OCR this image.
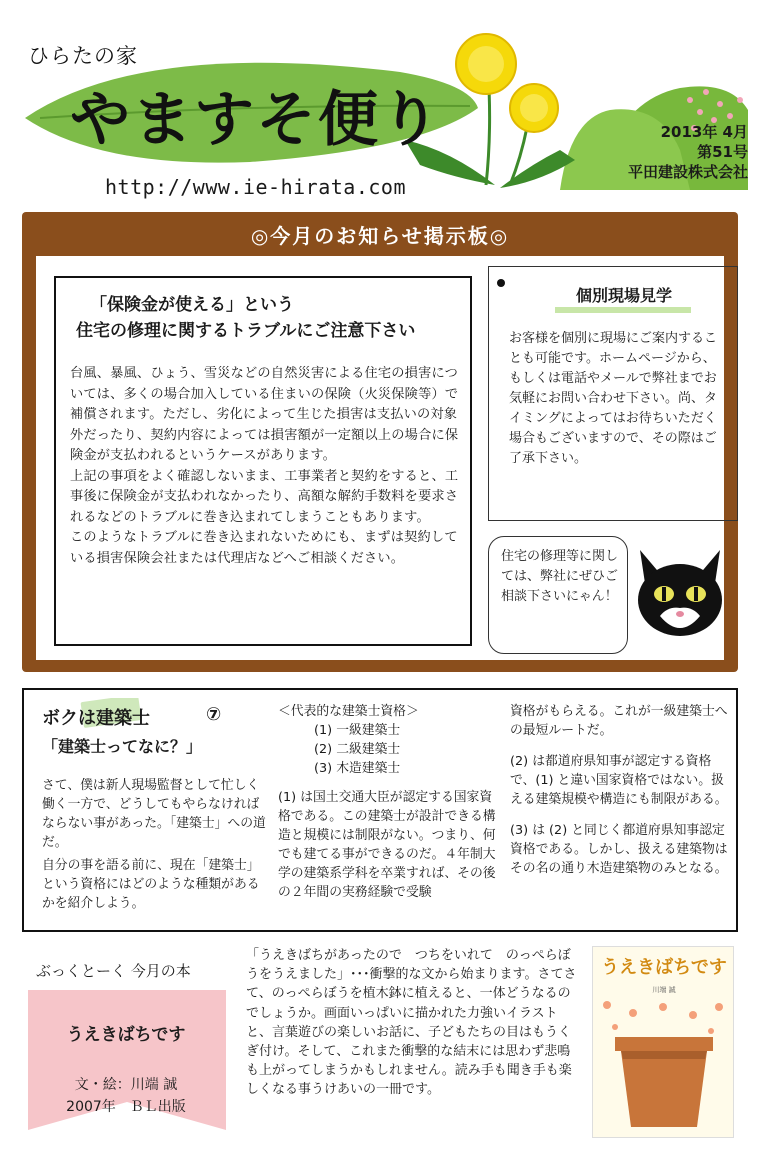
ひらたの家
やますそ便り
http://www.ie-hirata.com
2013年 4月
第51号
平田建設株式会社
◎今月のお知らせ掲示板◎
「保険金が使える」という
住宅の修理に関するトラブルにご注意下さい

台風、暴風、ひょう、雪災などの自然災害による住宅の損害については、多くの場合加入している住まいの保険（火災保険等）で補償されます。ただし、劣化によって生じた損害は支払いの対象外だったり、契約内容によっては損害額が一定額以上の場合に保険金が支払われるというケースがあります。

上記の事項をよく確認しないまま、工事業者と契約をすると、工事後に保険金が支払われなかったり、高額な解約手数料を要求されるなどのトラブルに巻き込まれてしまうこともあります。

このようなトラブルに巻き込まれないためにも、まずは契約している損害保険会社または代理店などへご相談ください。

個別現場見学
お客様を個別に現場にご案内することも可能です。ホームページから、もしくは電話やメールで弊社までお気軽にお問い合わせ下さい。尚、タイミングによってはお待ちいただく場合もございますので、その際はご了承下さい。
住宅の修理等に関しては、弊社にぜひご相談下さいにゃん！
ボクは建築士	⑦
「建築士ってなに？」

さて、僕は新人現場監督として忙しく働く一方で、どうしてもやらなければならない事があった。「建築士」への道だ。

自分の事を語る前に、現在「建築士」という資格にはどのような種類があるかを紹介しよう。

＜代表的な建築士資格＞
(1) 一級建築士
(2) 二級建築士
(3) 木造建築士
(1) は国土交通大臣が認定する国家資格である。この建築士が設計できる構造と規模には制限がない。つまり、何でも建てる事ができるのだ。４年制大学の建築系学科を卒業すれば、その後の２年間の実務経験で受験

資格がもらえる。これが一級建築士への最短ルートだ。

(2) は都道府県知事が認定する資格で、(1) と違い国家資格ではない。扱える建築規模や構造にも制限がある。

(3) は (2) と同じく都道府県知事認定資格である。しかし、扱える建築物はその名の通り木造建築物のみとなる。

ぶっくとーく 今月の本
うえきばちです
文・絵：川端 誠
2007年　ＢＬ出版
「うえきばちがあったので　つちをいれて　のっぺらぼうをうえました」･･･衝撃的な文から始まります。さてさて、のっぺらぼうを植木鉢に植えると、一体どうなるのでしょうか。画面いっぱいに描かれた力強いイラストと、言葉遊びの楽しいお話に、子どもたちの目はもうくぎ付け。そして、これまた衝撃的な結末には思わず悲鳴も上がってしまうかもしれません。読み手も聞き手も楽しくなる事うけあいの一冊です。
うえきばちです
川端 誠
